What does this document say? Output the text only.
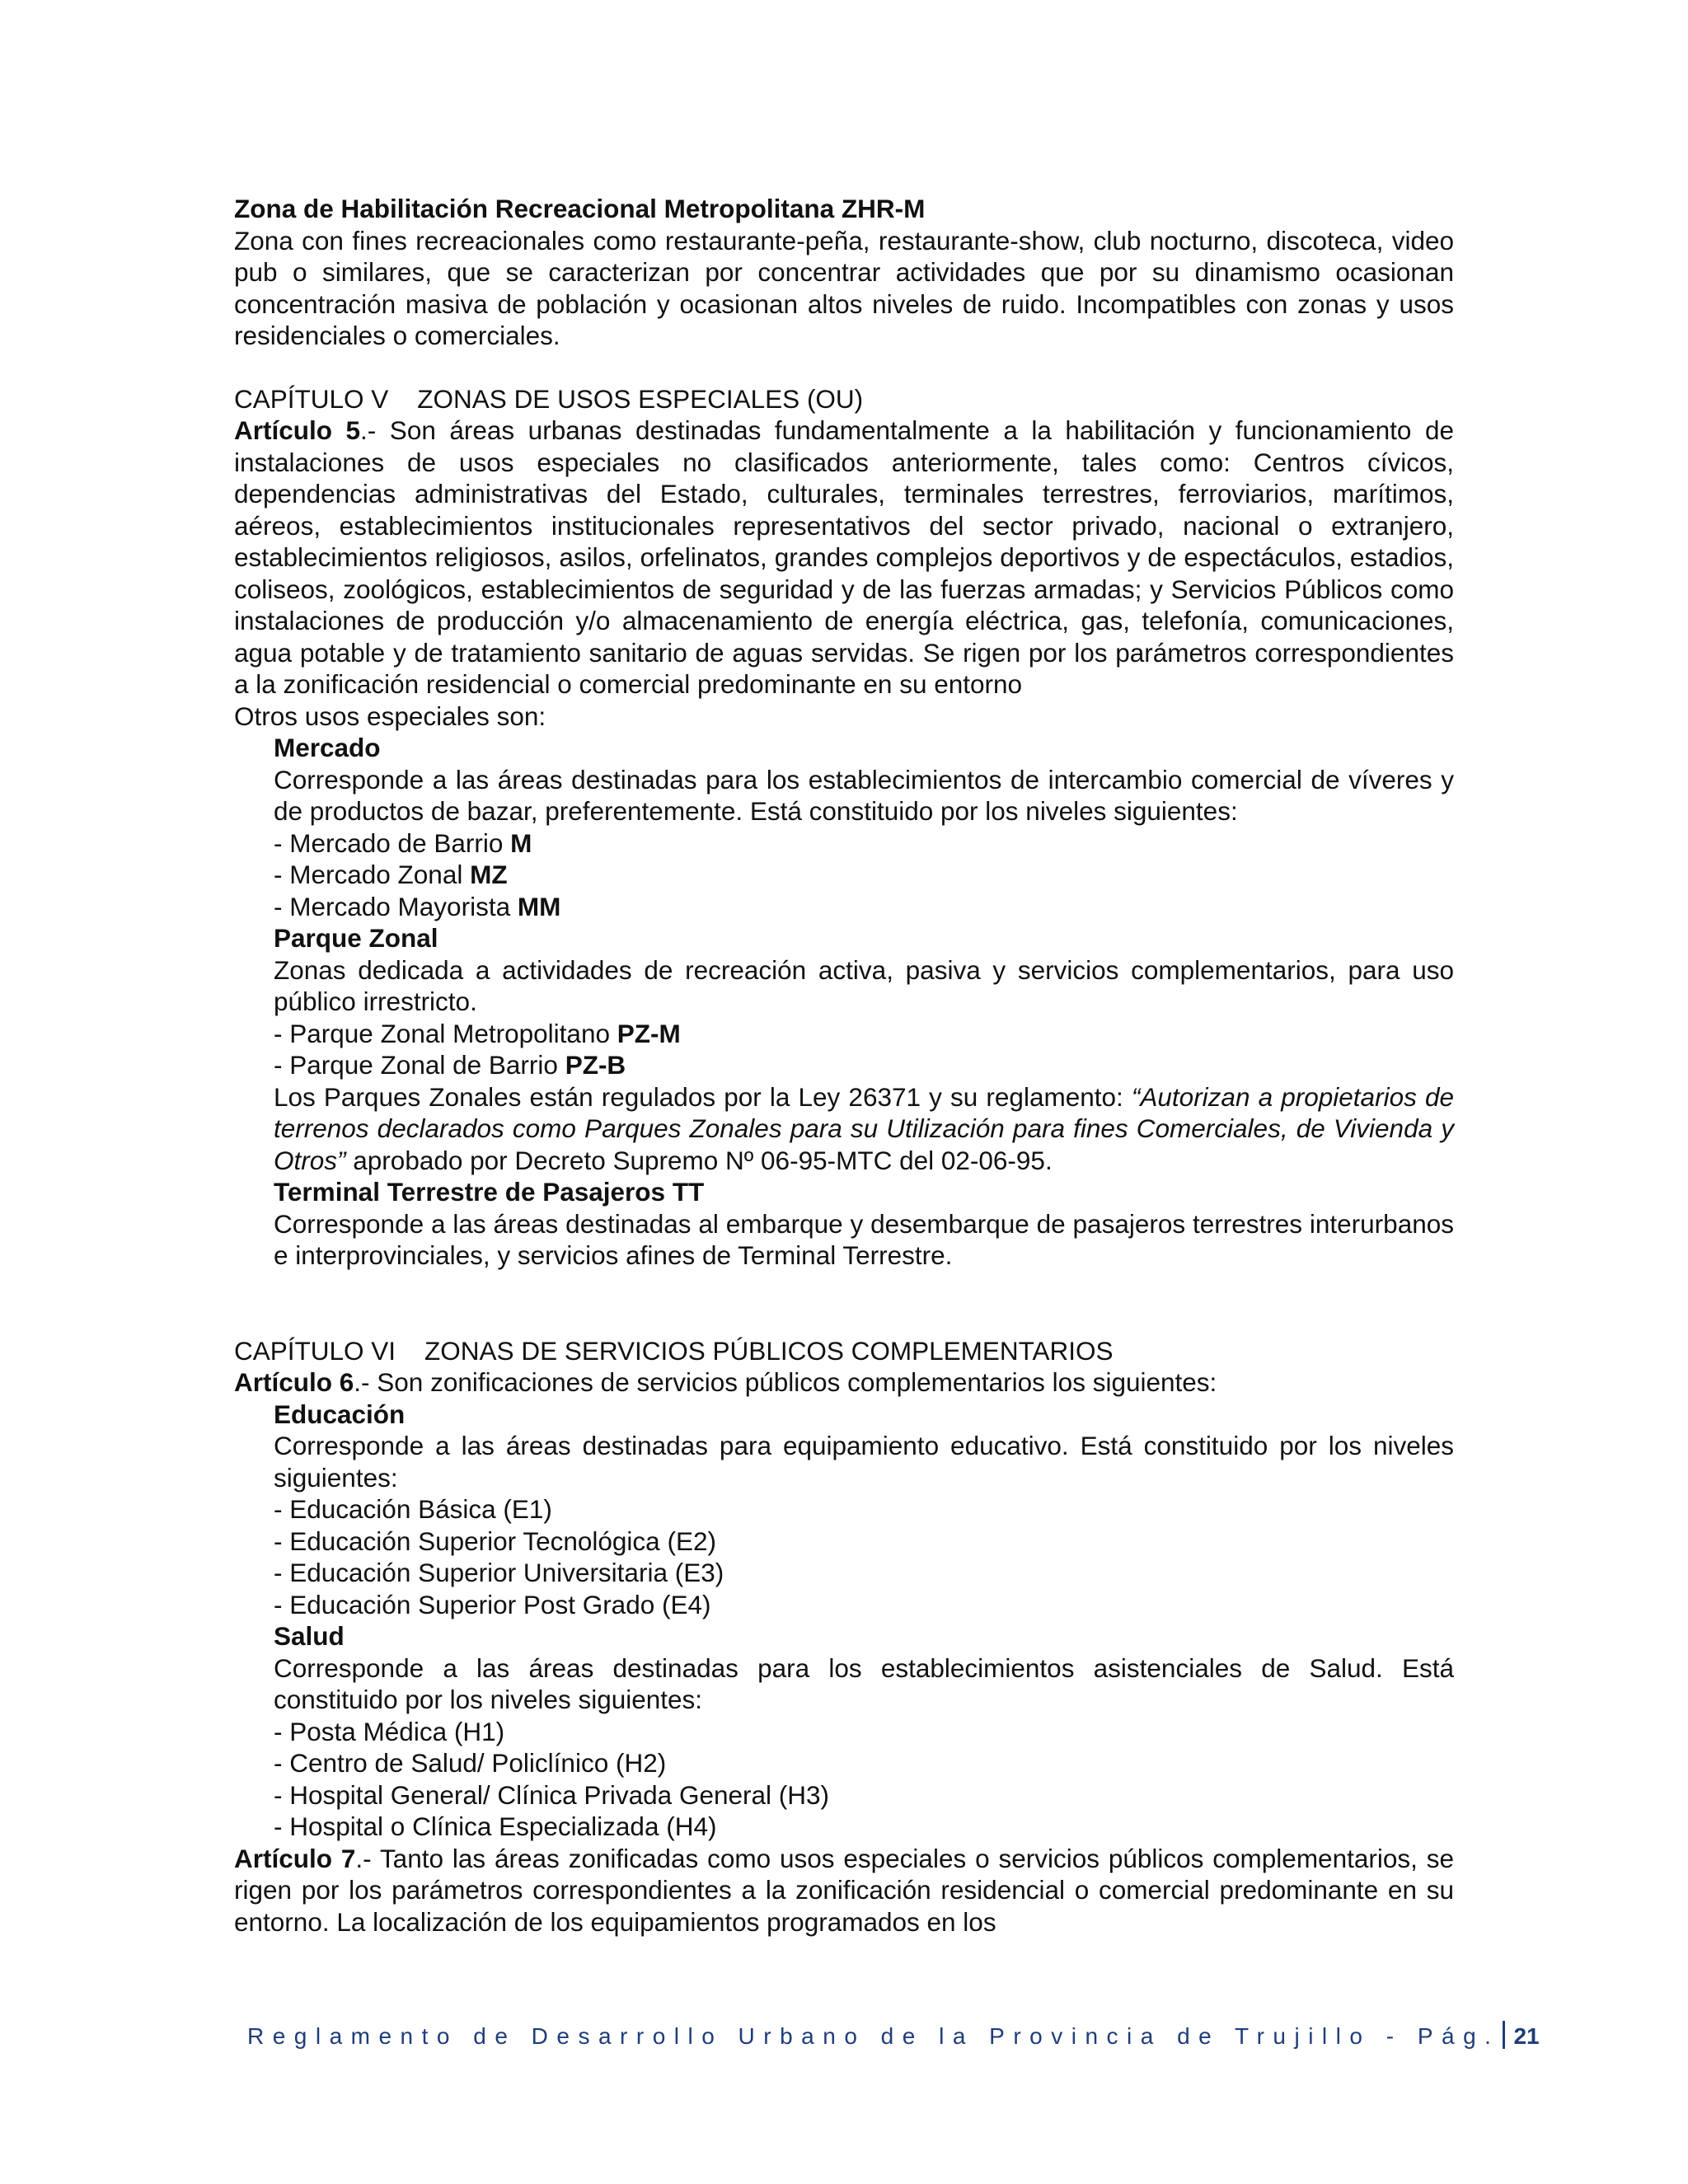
Zona de Habilitación Recreacional Metropolitana ZHR-M

Zona con fines recreacionales como restaurante-peña, restaurante-show, club nocturno, discoteca, video pub o similares, que se caracterizan por concentrar actividades que por su dinamismo ocasionan concentración masiva de población y ocasionan altos niveles de ruido. Incompatibles con zonas y usos residenciales o comerciales.

CAPÍTULO V    ZONAS DE USOS ESPECIALES (OU)

Artículo 5.- Son áreas urbanas destinadas fundamentalmente a la habilitación y funcionamiento de instalaciones de usos especiales no clasificados anteriormente, tales como: Centros cívicos, dependencias administrativas del Estado, culturales, terminales terrestres, ferroviarios, marítimos, aéreos, establecimientos institucionales representativos del sector privado, nacional o extranjero, establecimientos religiosos, asilos, orfelinatos, grandes complejos deportivos y de espectáculos, estadios, coliseos, zoológicos, establecimientos de seguridad y de las fuerzas armadas; y Servicios Públicos como instalaciones de producción y/o almacenamiento de energía eléctrica, gas, telefonía, comunicaciones, agua potable y de tratamiento sanitario de aguas servidas. Se rigen por los parámetros correspondientes a la zonificación residencial o comercial predominante en su entorno

Otros usos especiales son:

Mercado

Corresponde a las áreas destinadas para los establecimientos de intercambio comercial de víveres y de productos de bazar, preferentemente. Está constituido por los niveles siguientes:

- Mercado de Barrio M

- Mercado Zonal MZ

- Mercado Mayorista MM

Parque Zonal

Zonas dedicada a actividades de recreación activa, pasiva y servicios complementarios, para uso público irrestricto.

- Parque Zonal Metropolitano PZ-M

- Parque Zonal de Barrio PZ-B

Los Parques Zonales están regulados por la Ley 26371 y su reglamento: “Autorizan a propietarios de terrenos declarados como Parques Zonales para su Utilización para fines Comerciales, de Vivienda y Otros” aprobado por Decreto Supremo Nº 06-95-MTC del 02-06-95.

Terminal Terrestre de Pasajeros TT

Corresponde a las áreas destinadas al embarque y desembarque de pasajeros terrestres interurbanos e interprovinciales, y servicios afines de Terminal Terrestre.

CAPÍTULO VI    ZONAS DE SERVICIOS PÚBLICOS COMPLEMENTARIOS

Artículo 6.- Son zonificaciones de servicios públicos complementarios los siguientes:

Educación

Corresponde a las áreas destinadas para equipamiento educativo. Está constituido por los niveles siguientes:

- Educación Básica (E1)

- Educación Superior Tecnológica (E2)

- Educación Superior Universitaria (E3)

- Educación Superior Post Grado (E4)

Salud

Corresponde a las áreas destinadas para los establecimientos asistenciales de Salud. Está constituido por los niveles siguientes:

- Posta Médica (H1)

- Centro de Salud/ Policlínico (H2)

- Hospital General/ Clínica Privada General (H3)

- Hospital o Clínica Especializada (H4)

Artículo 7.- Tanto las áreas zonificadas como usos especiales o servicios públicos complementarios, se rigen por los parámetros correspondientes a la zonificación residencial o comercial predominante en su entorno. La localización de los equipamientos programados en los

Reglamento de Desarrollo Urbano de la Provincia de Trujillo - Pág. 21
